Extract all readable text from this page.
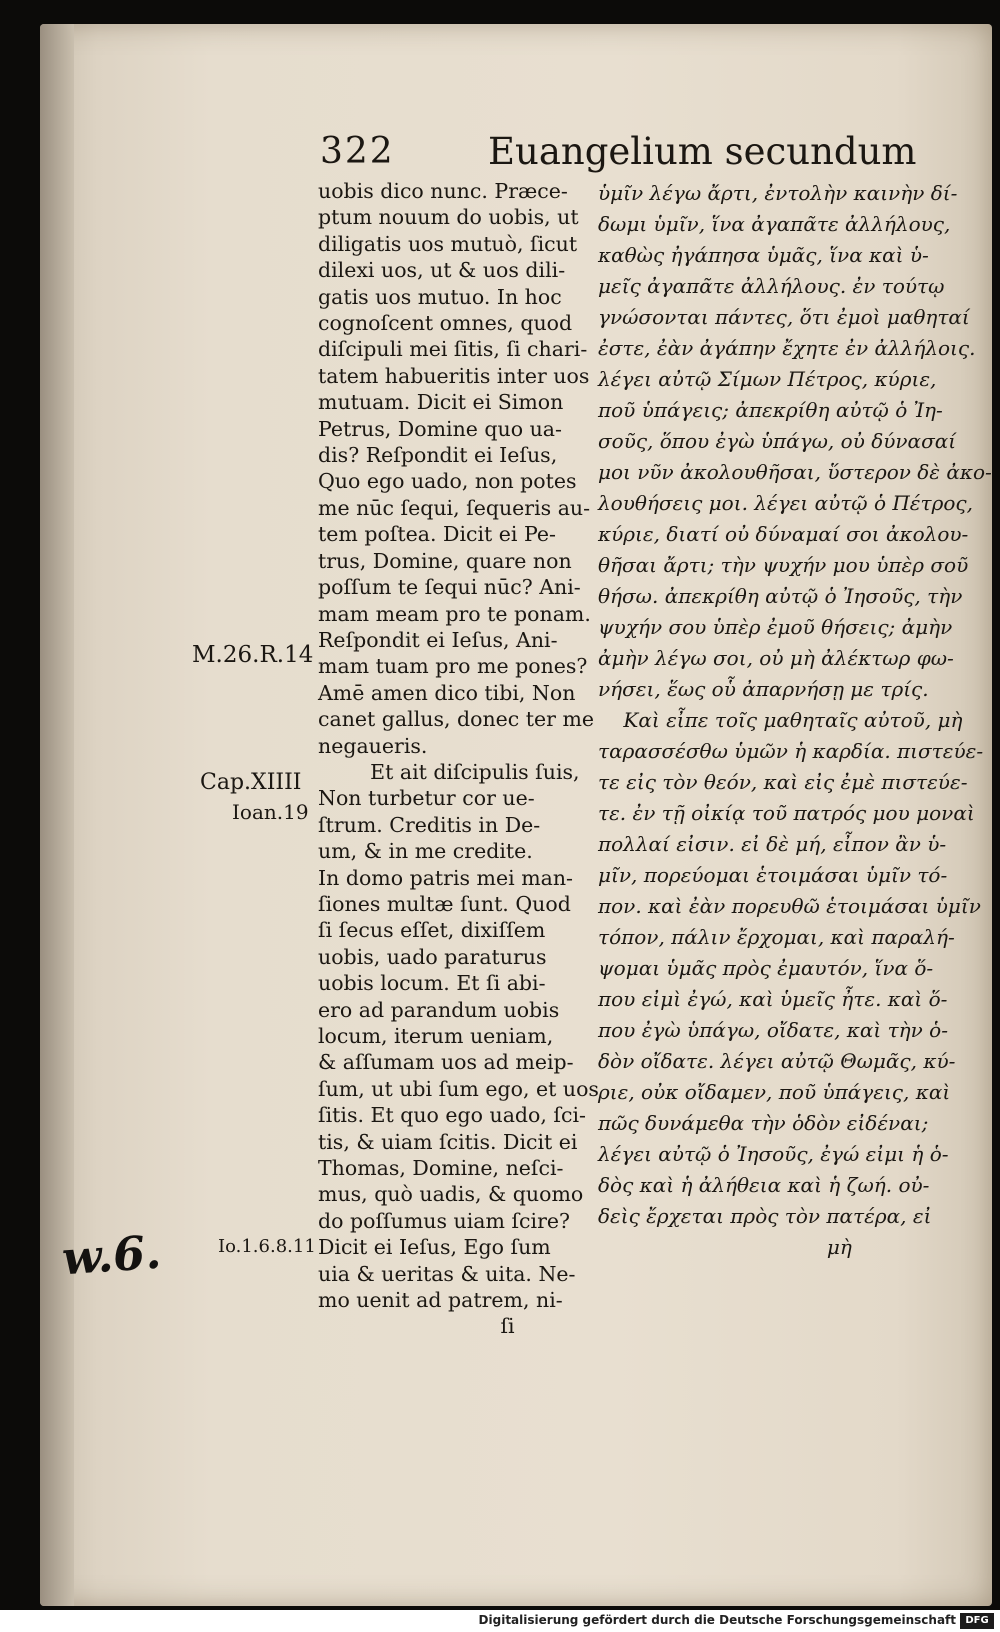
322	Euangelium secundum
uobis dico nunc. Præce-
ptum nouum do uobis, ut
diligatis uos mutuò, ſicut
dilexi uos, ut & uos dili-
gatis uos mutuo. In hoc
cognoſcent omnes, quod
diſcipuli mei ſitis, ſi chari-
tatem habueritis inter uos
mutuam. Dicit ei Simon
Petrus, Domine quo ua-
dis? Reſpondit ei Ieſus,
Quo ego uado, non potes
me nūc ſequi, ſequeris au-
tem poſtea. Dicit ei Pe-
trus, Domine, quare non
poſſum te ſequi nūc? Ani-
mam meam pro te ponam.
Reſpondit ei Ieſus, Ani-
mam tuam pro me pones?
Amē amen dico tibi, Non
canet gallus, donec ter me
negaueris.
Et ait diſcipulis ſuis,
Non turbetur cor ue-
ſtrum. Creditis in De-
um, & in me credite.
In domo patris mei man-
ſiones multæ ſunt. Quod
ſi ſecus eſſet, dixiſſem
uobis, uado paraturus
uobis locum. Et ſi abi-
ero ad parandum uobis
locum, iterum ueniam,
& aſſumam uos ad meip-
ſum, ut ubi ſum ego, et uos
ſitis. Et quo ego uado, ſci-
tis, & uiam ſcitis. Dicit ei
Thomas, Domine, neſci-
mus, quò uadis, & quomo
do poſſumus uiam ſcire?
Dicit ei Ieſus, Ego ſum
uia & ueritas & uita. Ne-
mo uenit ad patrem, ni-
ſi
ὑμῖν λέγω ἄρτι, ἐντολὴν καινὴν δί-
δωμι ὑμῖν, ἵνα ἀγαπᾶτε ἀλλήλους,
καθὼς ἠγάπησα ὑμᾶς, ἵνα καὶ ὑ-
μεῖς ἀγαπᾶτε ἀλλήλους. ἐν τούτῳ
γνώσονται πάντες, ὅτι ἐμοὶ μαθηταί
ἐστε, ἐὰν ἀγάπην ἔχητε ἐν ἀλλήλοις.
λέγει αὐτῷ Σίμων Πέτρος, κύριε,
ποῦ ὑπάγεις; ἀπεκρίθη αὐτῷ ὁ Ἰη-
σοῦς, ὅπου ἐγὼ ὑπάγω, οὐ δύνασαί
μοι νῦν ἀκολουθῆσαι, ὕστερον δὲ ἀκο-
λουθήσεις μοι. λέγει αὐτῷ ὁ Πέτρος,
κύριε, διατί οὐ δύναμαί σοι ἀκολου-
θῆσαι ἄρτι; τὴν ψυχήν μου ὑπὲρ σοῦ
θήσω. ἀπεκρίθη αὐτῷ ὁ Ἰησοῦς, τὴν
ψυχήν σου ὑπὲρ ἐμοῦ θήσεις; ἀμὴν
ἀμὴν λέγω σοι, οὐ μὴ ἀλέκτωρ φω-
νήσει, ἕως οὗ ἀπαρνήσῃ με τρίς.
Καὶ εἶπε τοῖς μαθηταῖς αὐτοῦ, μὴ
ταρασσέσθω ὑμῶν ἡ καρδία. πιστεύε-
τε εἰς τὸν θεόν, καὶ εἰς ἐμὲ πιστεύε-
τε. ἐν τῇ οἰκίᾳ τοῦ πατρός μου μοναὶ
πολλαί εἰσιν. εἰ δὲ μή, εἶπον ἂν ὑ-
μῖν, πορεύομαι ἑτοιμάσαι ὑμῖν τό-
πον. καὶ ἐὰν πορευθῶ ἑτοιμάσαι ὑμῖν
τόπον, πάλιν ἔρχομαι, καὶ παραλή-
ψομαι ὑμᾶς πρὸς ἐμαυτόν, ἵνα ὅ-
που εἰμὶ ἐγώ, καὶ ὑμεῖς ἦτε. καὶ ὅ-
που ἐγὼ ὑπάγω, οἴδατε, καὶ τὴν ὁ-
δὸν οἴδατε. λέγει αὐτῷ Θωμᾶς, κύ-
ριε, οὐκ οἴδαμεν, ποῦ ὑπάγεις, καὶ
πῶς δυνάμεθα τὴν ὁδὸν εἰδέναι;
λέγει αὐτῷ ὁ Ἰησοῦς, ἐγώ εἰμι ἡ ὁ-
δὸς καὶ ἡ ἀλήθεια καὶ ἡ ζωή. οὐ-
δεὶς ἔρχεται πρὸς τὸν πατέρα, εἰ
μὴ
M.26.R.14
Cap.XIIII
Ioan.19
Io.1.6.8.11
w.6.
Digitalisierung gefördert durch die Deutsche Forschungsgemeinschaft DFG
